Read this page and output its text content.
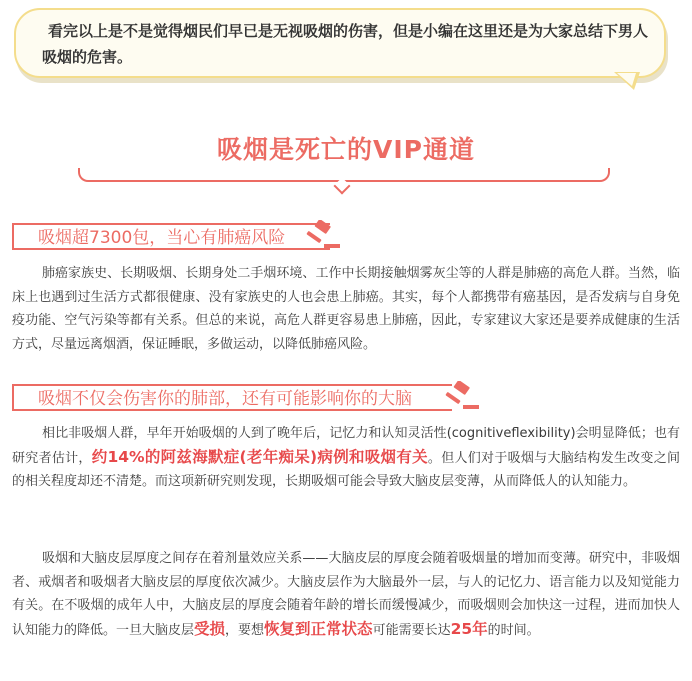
看完以上是不是觉得烟民们早已是无视吸烟的伤害，但是小编在这里还是为大家总结下男人吸烟的危害。
吸烟是死亡的VIP通道
吸烟超7300包，当心有肺癌风险
肺癌家族史、长期吸烟、长期身处二手烟环境、工作中长期接触烟雾灰尘等的人群是肺癌的高危人群。当然，临床上也遇到过生活方式都很健康、没有家族史的人也会患上肺癌。其实，每个人都携带有癌基因，是否发病与自身免疫功能、空气污染等都有关系。但总的来说，高危人群更容易患上肺癌，因此，专家建议大家还是要养成健康的生活方式，尽量远离烟酒，保证睡眠，多做运动，以降低肺癌风险。
吸烟不仅会伤害你的肺部，还有可能影响你的大脑
相比非吸烟人群，早年开始吸烟的人到了晚年后，记忆力和认知灵活性(cognitiveflexibility)会明显降低；也有研究者估计，约14%的阿兹海默症(老年痴呆)病例和吸烟有关。但人们对于吸烟与大脑结构发生改变之间的相关程度却还不清楚。而这项新研究则发现，长期吸烟可能会导致大脑皮层变薄，从而降低人的认知能力。
吸烟和大脑皮层厚度之间存在着剂量效应关系——大脑皮层的厚度会随着吸烟量的增加而变薄。研究中，非吸烟者、戒烟者和吸烟者大脑皮层的厚度依次减少。大脑皮层作为大脑最外一层，与人的记忆力、语言能力以及知觉能力有关。在不吸烟的成年人中，大脑皮层的厚度会随着年龄的增长而缓慢减少，而吸烟则会加快这一过程，进而加快人认知能力的降低。一旦大脑皮层受损，要想恢复到正常状态可能需要长达25年的时间。
